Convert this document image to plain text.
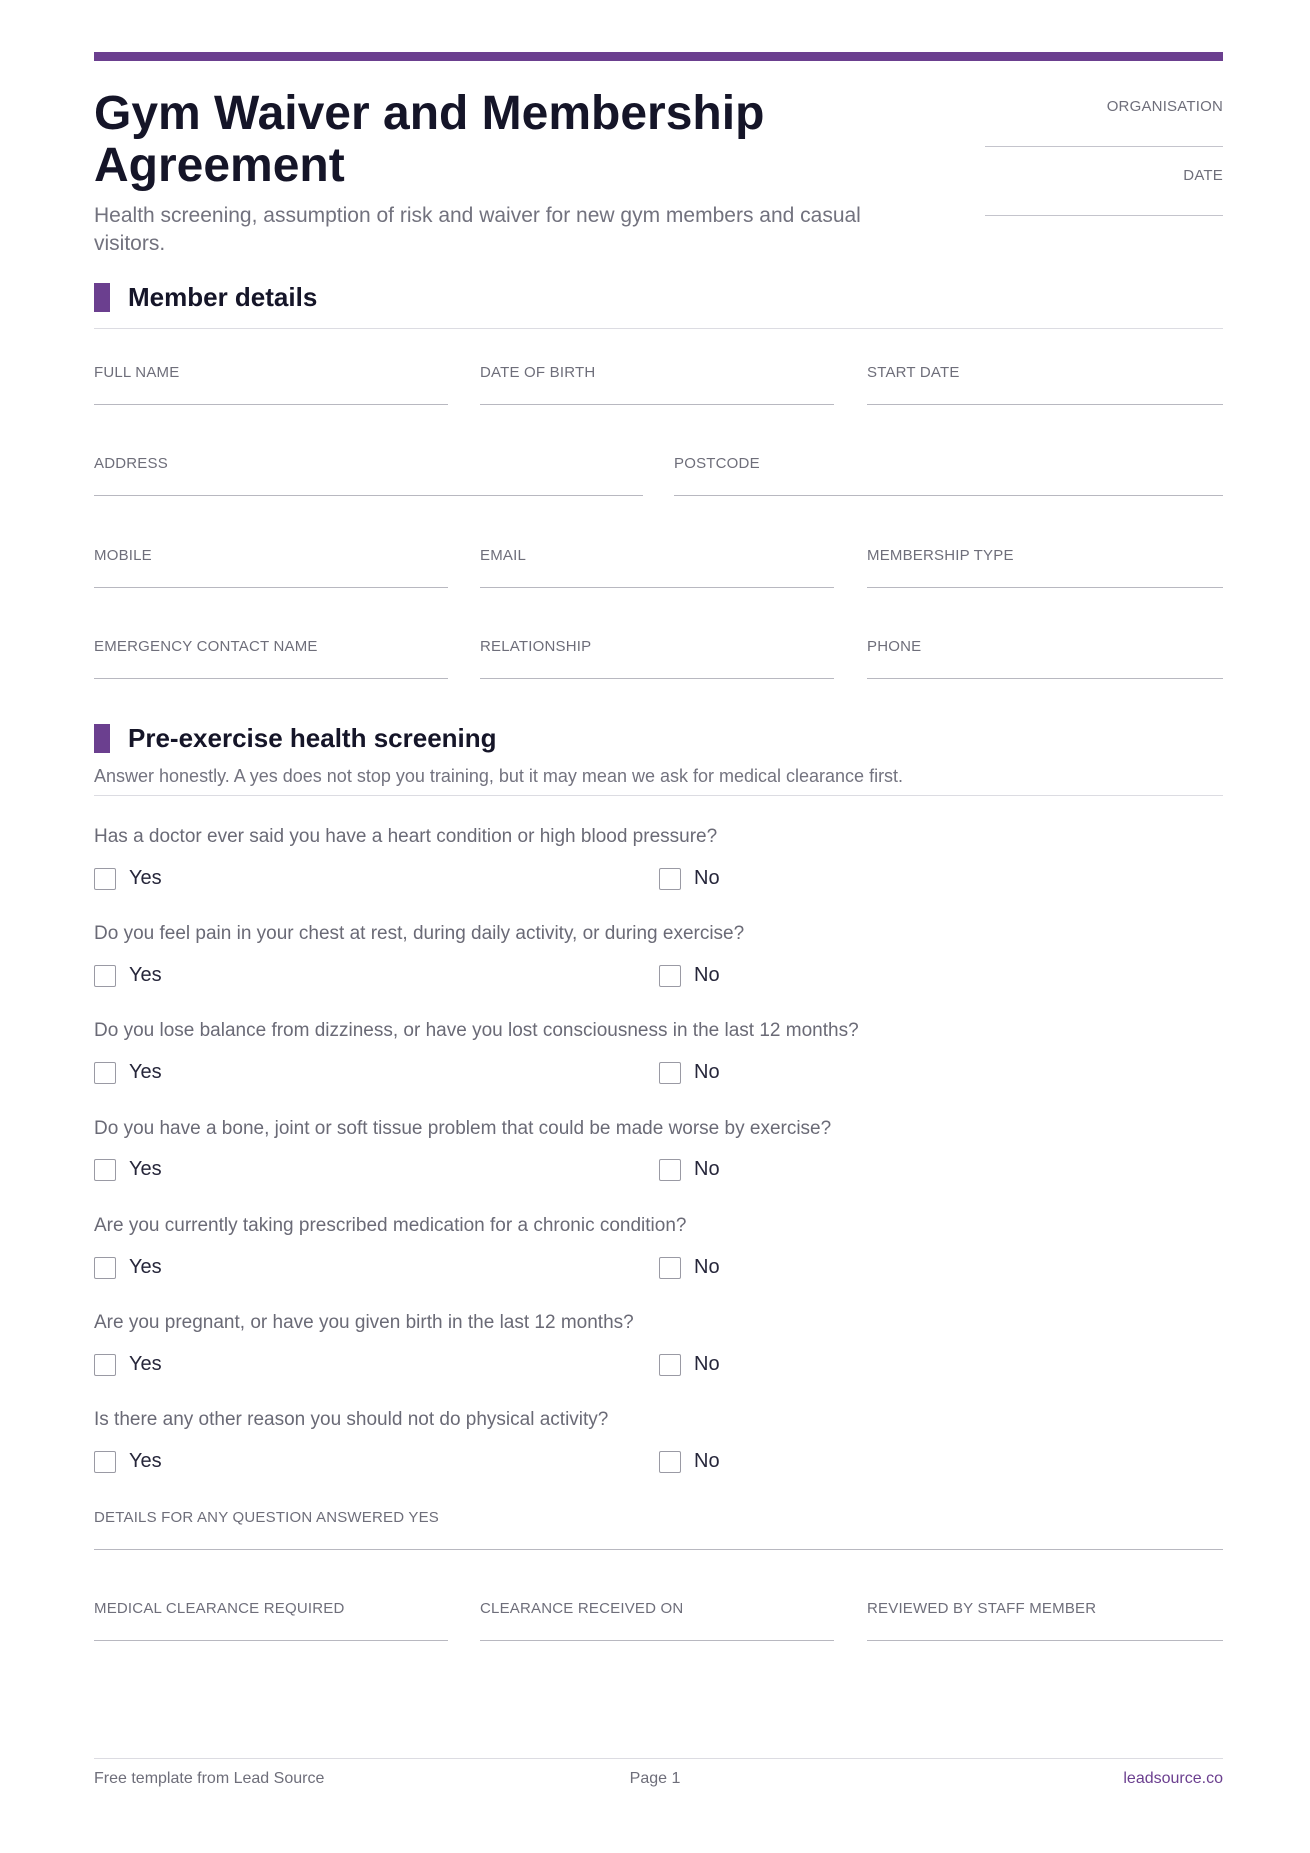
Gym Waiver and Membership Agreement

Health screening, assumption of risk and waiver for new gym members and casual visitors.

ORGANISATION
DATE
Member details
FULL NAME	DATE OF BIRTH	START DATE
ADDRESS	POSTCODE
MOBILE	EMAIL	MEMBERSHIP TYPE
EMERGENCY CONTACT NAME	RELATIONSHIP	PHONE
Pre-exercise health screening
Answer honestly. A yes does not stop you training, but it may mean we ask for medical clearance first.
Has a doctor ever said you have a heart condition or high blood pressure?
Yes	No
Do you feel pain in your chest at rest, during daily activity, or during exercise?
Yes	No
Do you lose balance from dizziness, or have you lost consciousness in the last 12 months?
Yes	No
Do you have a bone, joint or soft tissue problem that could be made worse by exercise?
Yes	No
Are you currently taking prescribed medication for a chronic condition?
Yes	No
Are you pregnant, or have you given birth in the last 12 months?
Yes	No
Is there any other reason you should not do physical activity?
Yes	No
DETAILS FOR ANY QUESTION ANSWERED YES
MEDICAL CLEARANCE REQUIRED	CLEARANCE RECEIVED ON	REVIEWED BY STAFF MEMBER
Free template from Lead Source	Page 1	leadsource.co
